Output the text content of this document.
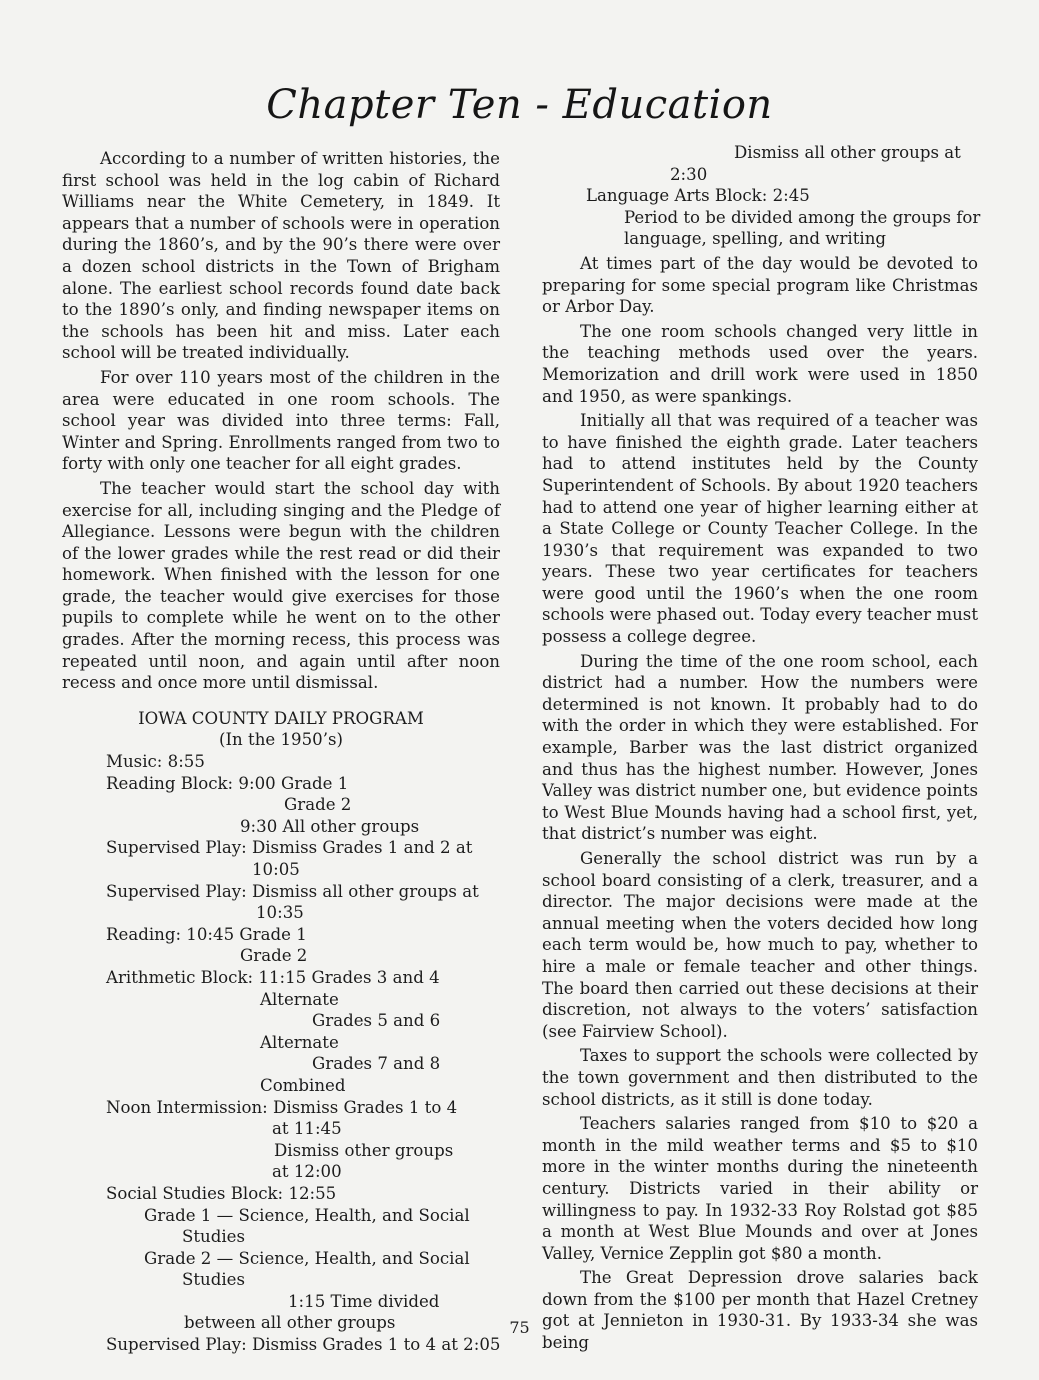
Chapter Ten - Education

According to a number of written histories, the first school was held in the log cabin of Richard Williams near the White Cemetery, in 1849. It appears that a number of schools were in operation during the 1860’s, and by the 90’s there were over a dozen school districts in the Town of Brigham alone. The earliest school records found date back to the 1890’s only, and finding newspaper items on the schools has been hit and miss. Later each school will be treated individually.

For over 110 years most of the children in the area were educated in one room schools. The school year was divided into three terms: Fall, Winter and Spring. Enrollments ranged from two to forty with only one teacher for all eight grades.

The teacher would start the school day with exercise for all, including singing and the Pledge of Allegiance. Lessons were begun with the children of the lower grades while the rest read or did their homework. When finished with the lesson for one grade, the teacher would give exercises for those pupils to complete while he went on to the other grades. After the morning recess, this process was repeated until noon, and again until after noon recess and once more until dismissal.

IOWA COUNTY DAILY PROGRAM

(In the 1950’s)

Music: 8:55

Reading Block: 9:00 Grade 1

Grade 2

9:30 All other groups

Supervised Play: Dismiss Grades 1 and 2 at

10:05

Supervised Play: Dismiss all other groups at

10:35

Reading: 10:45 Grade 1

Grade 2

Arithmetic Block: 11:15 Grades 3 and 4

Alternate

Grades 5 and 6

Alternate

Grades 7 and 8

Combined

Noon Intermission: Dismiss Grades 1 to 4

at 11:45

Dismiss other groups

at 12:00

Social Studies Block: 12:55

Grade 1 — Science, Health, and Social

Studies

Grade 2 — Science, Health, and Social

Studies

1:15 Time divided

between all other groups

Supervised Play: Dismiss Grades 1 to 4 at 2:05

Dismiss all other groups at

2:30

Language Arts Block: 2:45

Period to be divided among the groups for

language, spelling, and writing

At times part of the day would be devoted to preparing for some special program like Christmas or Arbor Day.

The one room schools changed very little in the teaching methods used over the years. Memorization and drill work were used in 1850 and 1950, as were spankings.

Initially all that was required of a teacher was to have finished the eighth grade. Later teachers had to attend institutes held by the County Superintendent of Schools. By about 1920 teachers had to attend one year of higher learning either at a State College or County Teacher College. In the 1930’s that requirement was expanded to two years. These two year certificates for teachers were good until the 1960’s when the one room schools were phased out. Today every teacher must possess a college degree.

During the time of the one room school, each district had a number. How the numbers were determined is not known. It probably had to do with the order in which they were established. For example, Barber was the last district organized and thus has the highest number. However, Jones Valley was district number one, but evidence points to West Blue Mounds having had a school first, yet, that district’s number was eight.

Generally the school district was run by a school board consisting of a clerk, treasurer, and a director. The major decisions were made at the annual meeting when the voters decided how long each term would be, how much to pay, whether to hire a male or female teacher and other things. The board then carried out these decisions at their discretion, not always to the voters’ satisfaction (see Fairview School).

Taxes to support the schools were collected by the town government and then distributed to the school districts, as it still is done today.

Teachers salaries ranged from $10 to $20 a month in the mild weather terms and $5 to $10 more in the winter months during the nineteenth century. Districts varied in their ability or willingness to pay. In 1932-33 Roy Rolstad got $85 a month at West Blue Mounds and over at Jones Valley, Vernice Zepplin got $80 a month.

The Great Depression drove salaries back down from the $100 per month that Hazel Cretney got at Jennieton in 1930-31. By 1933-34 she was being

75
